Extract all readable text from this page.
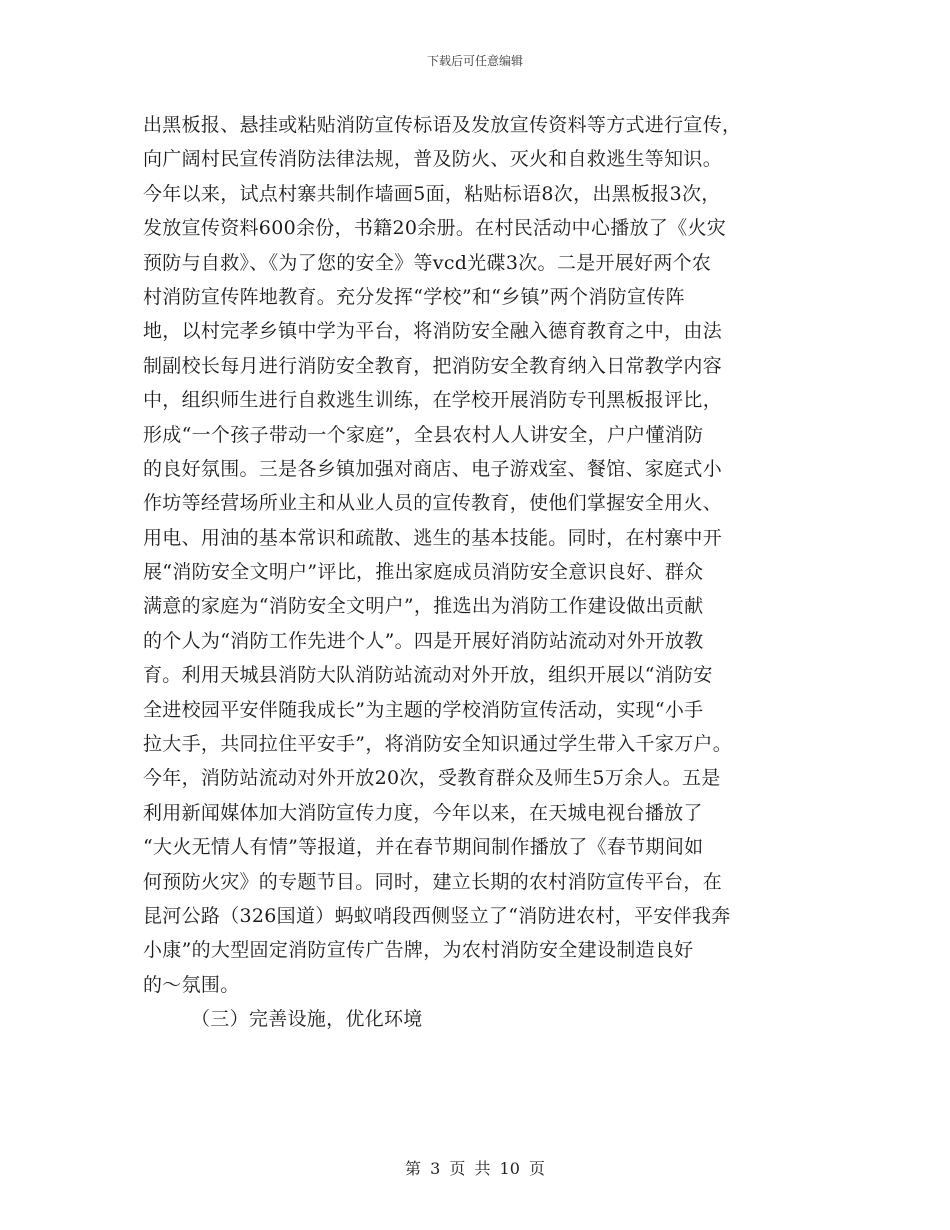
下载后可任意编辑
出黑板报、悬挂或粘贴消防宣传标语及发放宣传资料等方式进行宣传，
向广阔村民宣传消防法律法规，普及防火、灭火和自救逃生等知识。
今年以来，试点村寨共制作墙画5面，粘贴标语8次，出黑板报3次，
发放宣传资料600余份，书籍20余册。在村民活动中心播放了《火灾
预防与自救》、《为了您的安全》等vcd光碟3次。二是开展好两个农
村消防宣传阵地教育。充分发挥“学校”和“乡镇”两个消防宣传阵
地，以村完孝乡镇中学为平台，将消防安全融入德育教育之中，由法
制副校长每月进行消防安全教育，把消防安全教育纳入日常教学内容
中，组织师生进行自救逃生训练，在学校开展消防专刊黑板报评比，
形成“一个孩子带动一个家庭”，全县农村人人讲安全，户户懂消防
的良好氛围。三是各乡镇加强对商店、电子游戏室、餐馆、家庭式小
作坊等经营场所业主和从业人员的宣传教育，使他们掌握安全用火、
用电、用油的基本常识和疏散、逃生的基本技能。同时，在村寨中开
展“消防安全文明户”评比，推出家庭成员消防安全意识良好、群众
满意的家庭为“消防安全文明户”，推选出为消防工作建设做出贡献
的个人为“消防工作先进个人”。四是开展好消防站流动对外开放教
育。利用天城县消防大队消防站流动对外开放，组织开展以“消防安
全进校园平安伴随我成长”为主题的学校消防宣传活动，实现“小手
拉大手，共同拉住平安手”，将消防安全知识通过学生带入千家万户。
今年，消防站流动对外开放20次，受教育群众及师生5万余人。五是
利用新闻媒体加大消防宣传力度，今年以来，在天城电视台播放了
“大火无情人有情”等报道，并在春节期间制作播放了《春节期间如
何预防火灾》的专题节目。同时，建立长期的农村消防宣传平台，在
昆河公路（326国道）蚂蚁哨段西侧竖立了“消防进农村，平安伴我奔
小康”的大型固定消防宣传广告牌，为农村消防安全建设制造良好
的～氛围。
（三）完善设施，优化环境
第 3 页 共 10 页
